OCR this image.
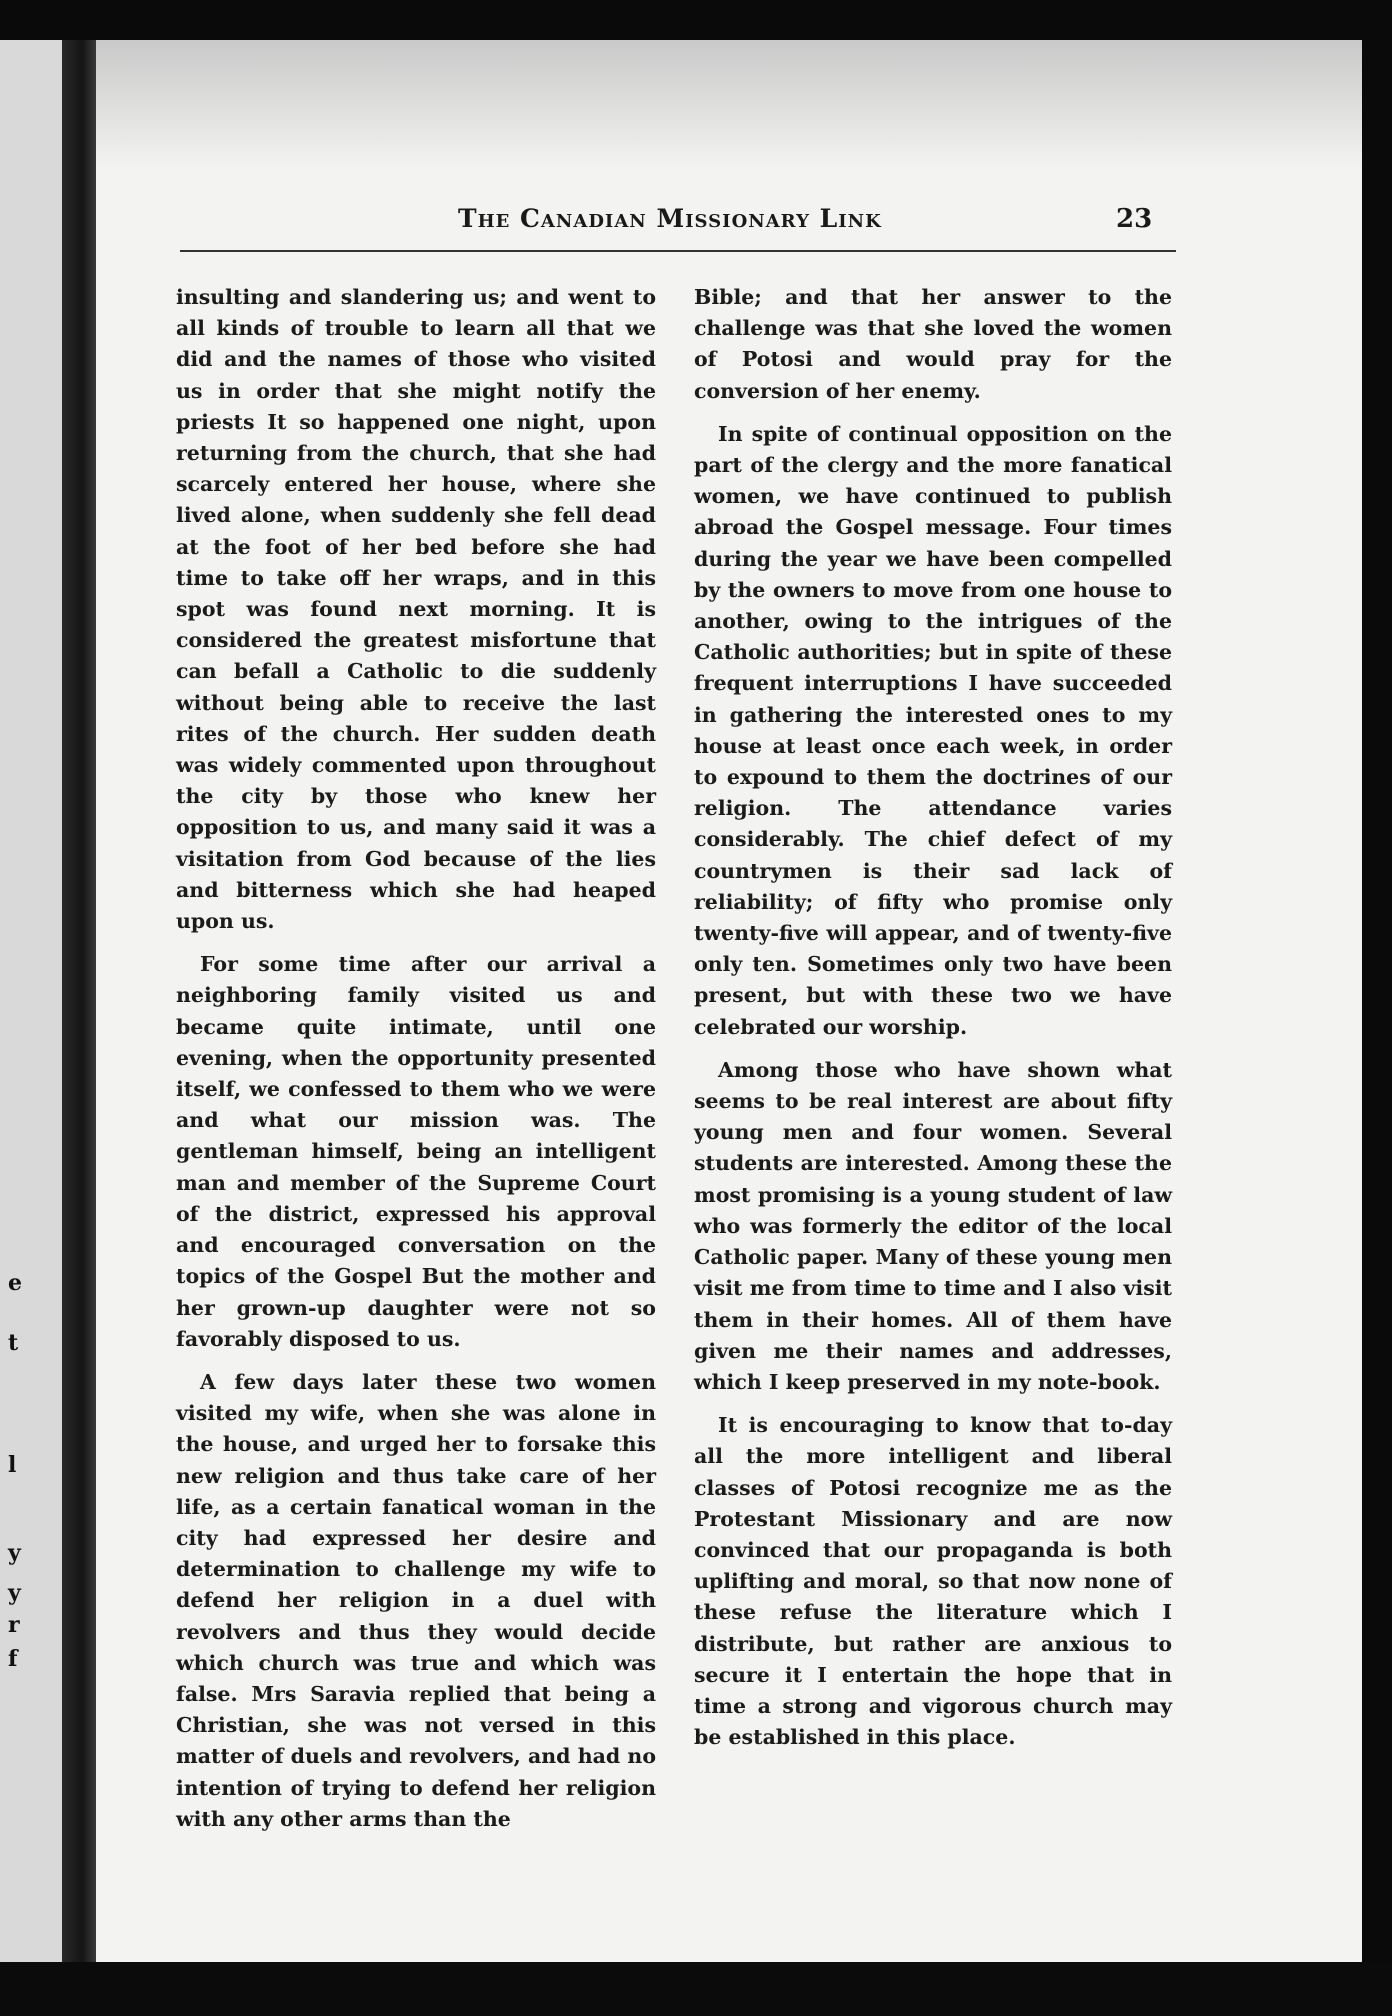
e
t
l
y
y
r
f
The Canadian Missionary Link	23

insulting and slandering us; and went to all kinds of trouble to learn all that we did and the names of those who visited us in order that she might notify the priests It so happened one night, upon returning from the church, that she had scarcely entered her house, where she lived alone, when suddenly she fell dead at the foot of her bed before she had time to take off her wraps, and in this spot was found next morning. It is considered the greatest misfortune that can befall a Catholic to die suddenly without being able to receive the last rites of the church. Her sudden death was widely commented upon throughout the city by those who knew her opposition to us, and many said it was a visitation from God because of the lies and bitterness which she had heaped upon us.

For some time after our arrival a neighboring family visited us and became quite intimate, until one evening, when the opportunity presented itself, we confessed to them who we were and what our mission was. The gentleman himself, being an intelligent man and member of the Supreme Court of the district, expressed his approval and encouraged conversation on the topics of the Gospel But the mother and her grown-up daughter were not so favorably disposed to us.

A few days later these two women visited my wife, when she was alone in the house, and urged her to forsake this new religion and thus take care of her life, as a certain fanatical woman in the city had expressed her desire and determination to challenge my wife to defend her religion in a duel with revolvers and thus they would decide which church was true and which was false. Mrs Saravia replied that being a Christian, she was not versed in this matter of duels and revolvers, and had no intention of trying to defend her religion with any other arms than the

Bible; and that her answer to the challenge was that she loved the women of Potosi and would pray for the conversion of her enemy.

In spite of continual opposition on the part of the clergy and the more fanatical women, we have continued to publish abroad the Gospel message. Four times during the year we have been compelled by the owners to move from one house to another, owing to the intrigues of the Catholic authorities; but in spite of these frequent interruptions I have succeeded in gathering the interested ones to my house at least once each week, in order to expound to them the doctrines of our religion. The attendance varies considerably. The chief defect of my countrymen is their sad lack of reliability; of fifty who promise only twenty-five will appear, and of twenty-five only ten. Sometimes only two have been present, but with these two we have celebrated our worship.

Among those who have shown what seems to be real interest are about fifty young men and four women. Several students are interested. Among these the most promising is a young student of law who was formerly the editor of the local Catholic paper. Many of these young men visit me from time to time and I also visit them in their homes. All of them have given me their names and addresses, which I keep preserved in my note-book.

It is encouraging to know that to-day all the more intelligent and liberal classes of Potosi recognize me as the Protestant Missionary and are now convinced that our propaganda is both uplifting and moral, so that now none of these refuse the literature which I distribute, but rather are anxious to secure it I entertain the hope that in time a strong and vigorous church may be established in this place.
